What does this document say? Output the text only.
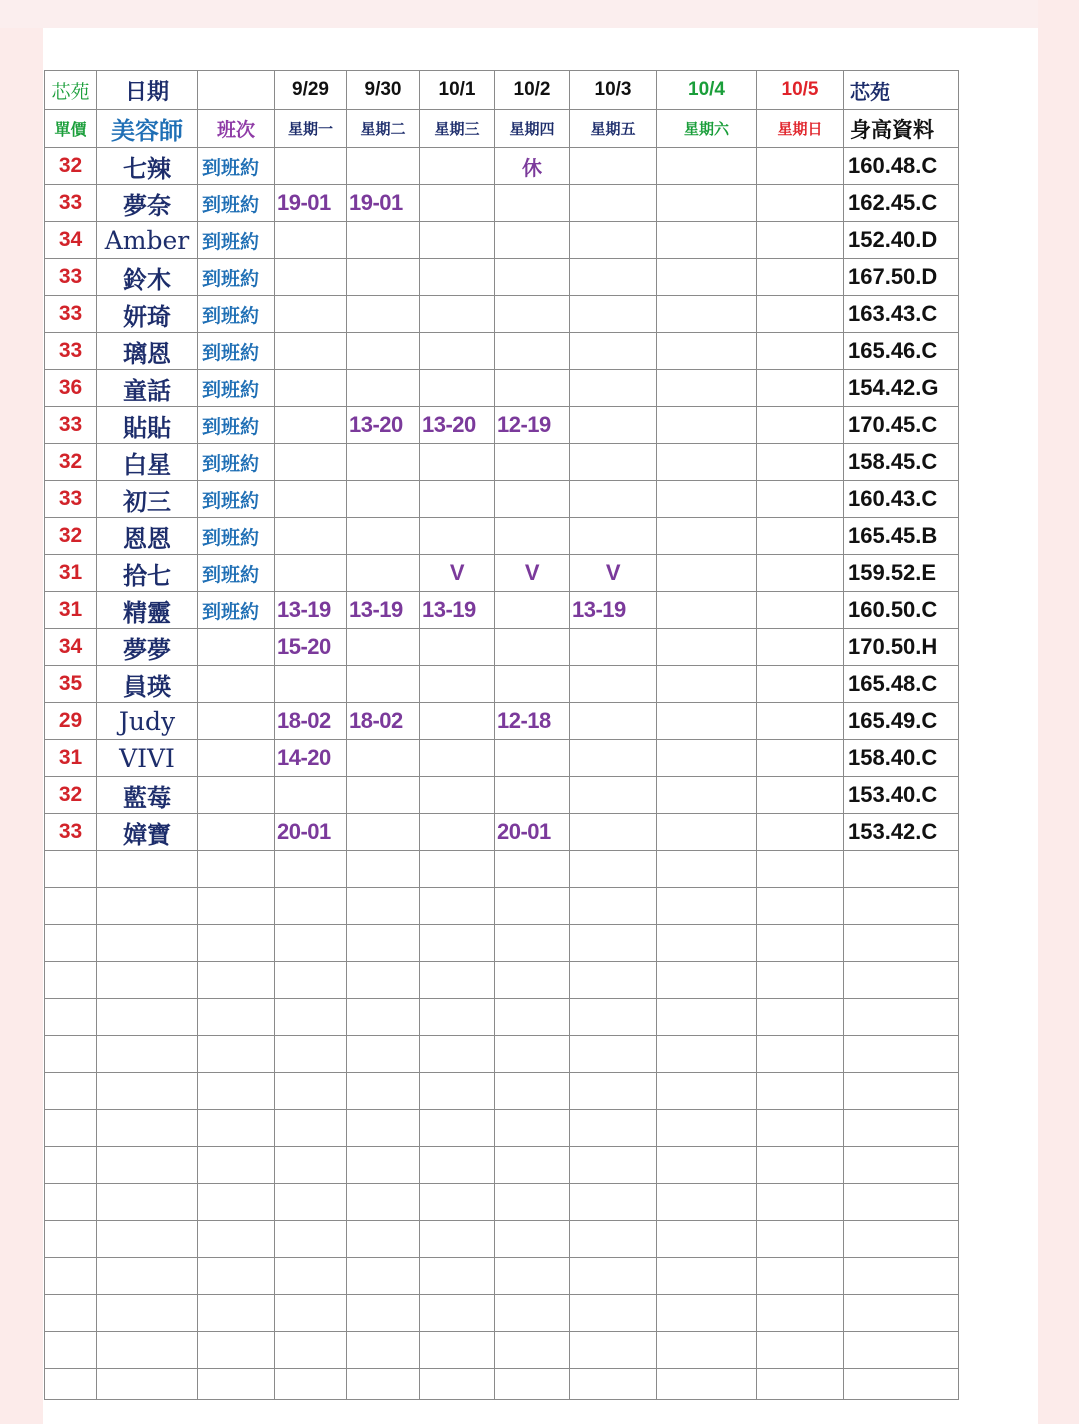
芯苑	日期		9/29	9/30	10/1	10/2	10/3	10/4	10/5	芯苑
單價	美容師	班次	星期一	星期二	星期三	星期四	星期五	星期六	星期日	身高資料
32	七辣	到班約				休				160.48.C
33	夢奈	到班約	19-01	19-01						162.45.C
34	Amber	到班約								152.40.D
33	鈴木	到班約								167.50.D
33	妍琦	到班約								163.43.C
33	璃恩	到班約								165.46.C
36	童話	到班約								154.42.G
33	貼貼	到班約		13-20	13-20	12-19				170.45.C
32	白星	到班約								158.45.C
33	初三	到班約								160.43.C
32	恩恩	到班約								165.45.B
31	拾七	到班約			V	V	V			159.52.E
31	精靈	到班約	13-19	13-19	13-19		13-19			160.50.C
34	夢夢		15-20							170.50.H
35	員瑛									165.48.C
29	Judy		18-02	18-02		12-18				165.49.C
31	VIVI		14-20							158.40.C
32	藍莓									153.40.C
33	嫜寶		20-01			20-01				153.42.C
